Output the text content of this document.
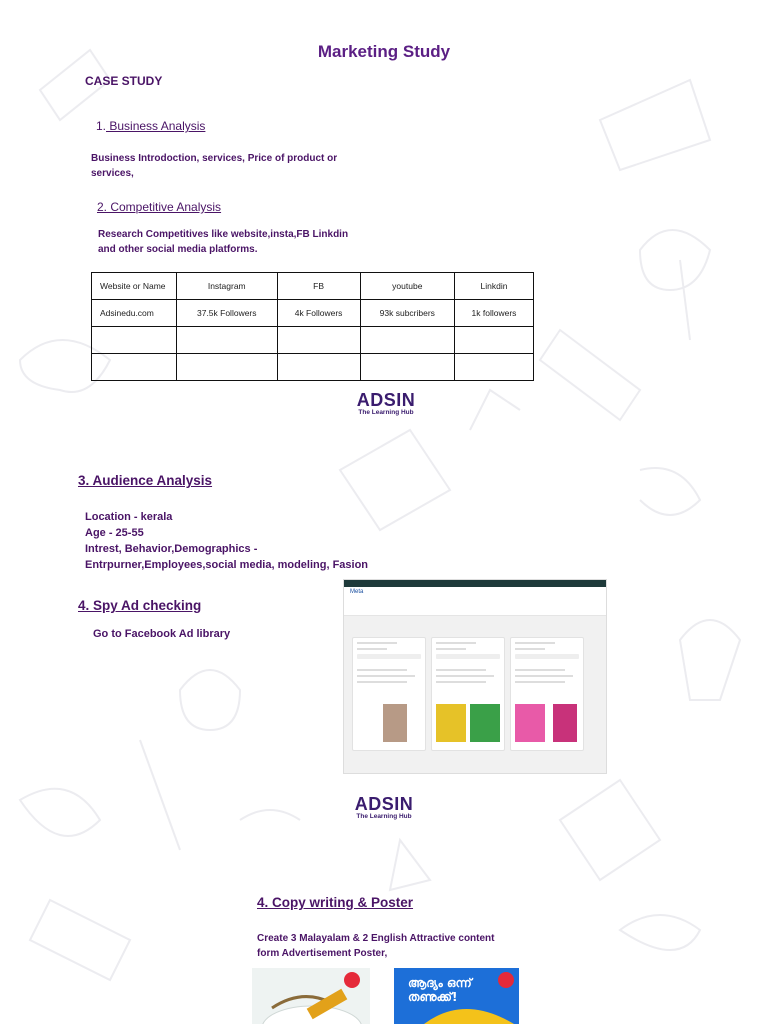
Marketing Study
CASE STUDY
1. Business Analysis
Business Introdoction, services, Price of product or
services,
2. Competitive Analysis
Research Competitives like website,insta,FB Linkdin
and other social media platforms.
Website or Name	Instagram	FB	youtube	Linkdin
Adsinedu.com	37.5k Followers	4k Followers	93k subcribers	1k followers

ADSIN
The Learning Hub
3. Audience Analysis
Location - kerala
Age - 25-55
Intrest, Behavior,Demographics -
Entrpurner,Employees,social media, modeling, Fasion
4. Spy Ad checking
Go to Facebook Ad library
Meta
ADSIN
The Learning Hub
4. Copy writing & Poster
Create 3 Malayalam & 2 English Attractive content
form Advertisement Poster,
ആദ്യം ഒന്ന്
തണുക്ക്!
